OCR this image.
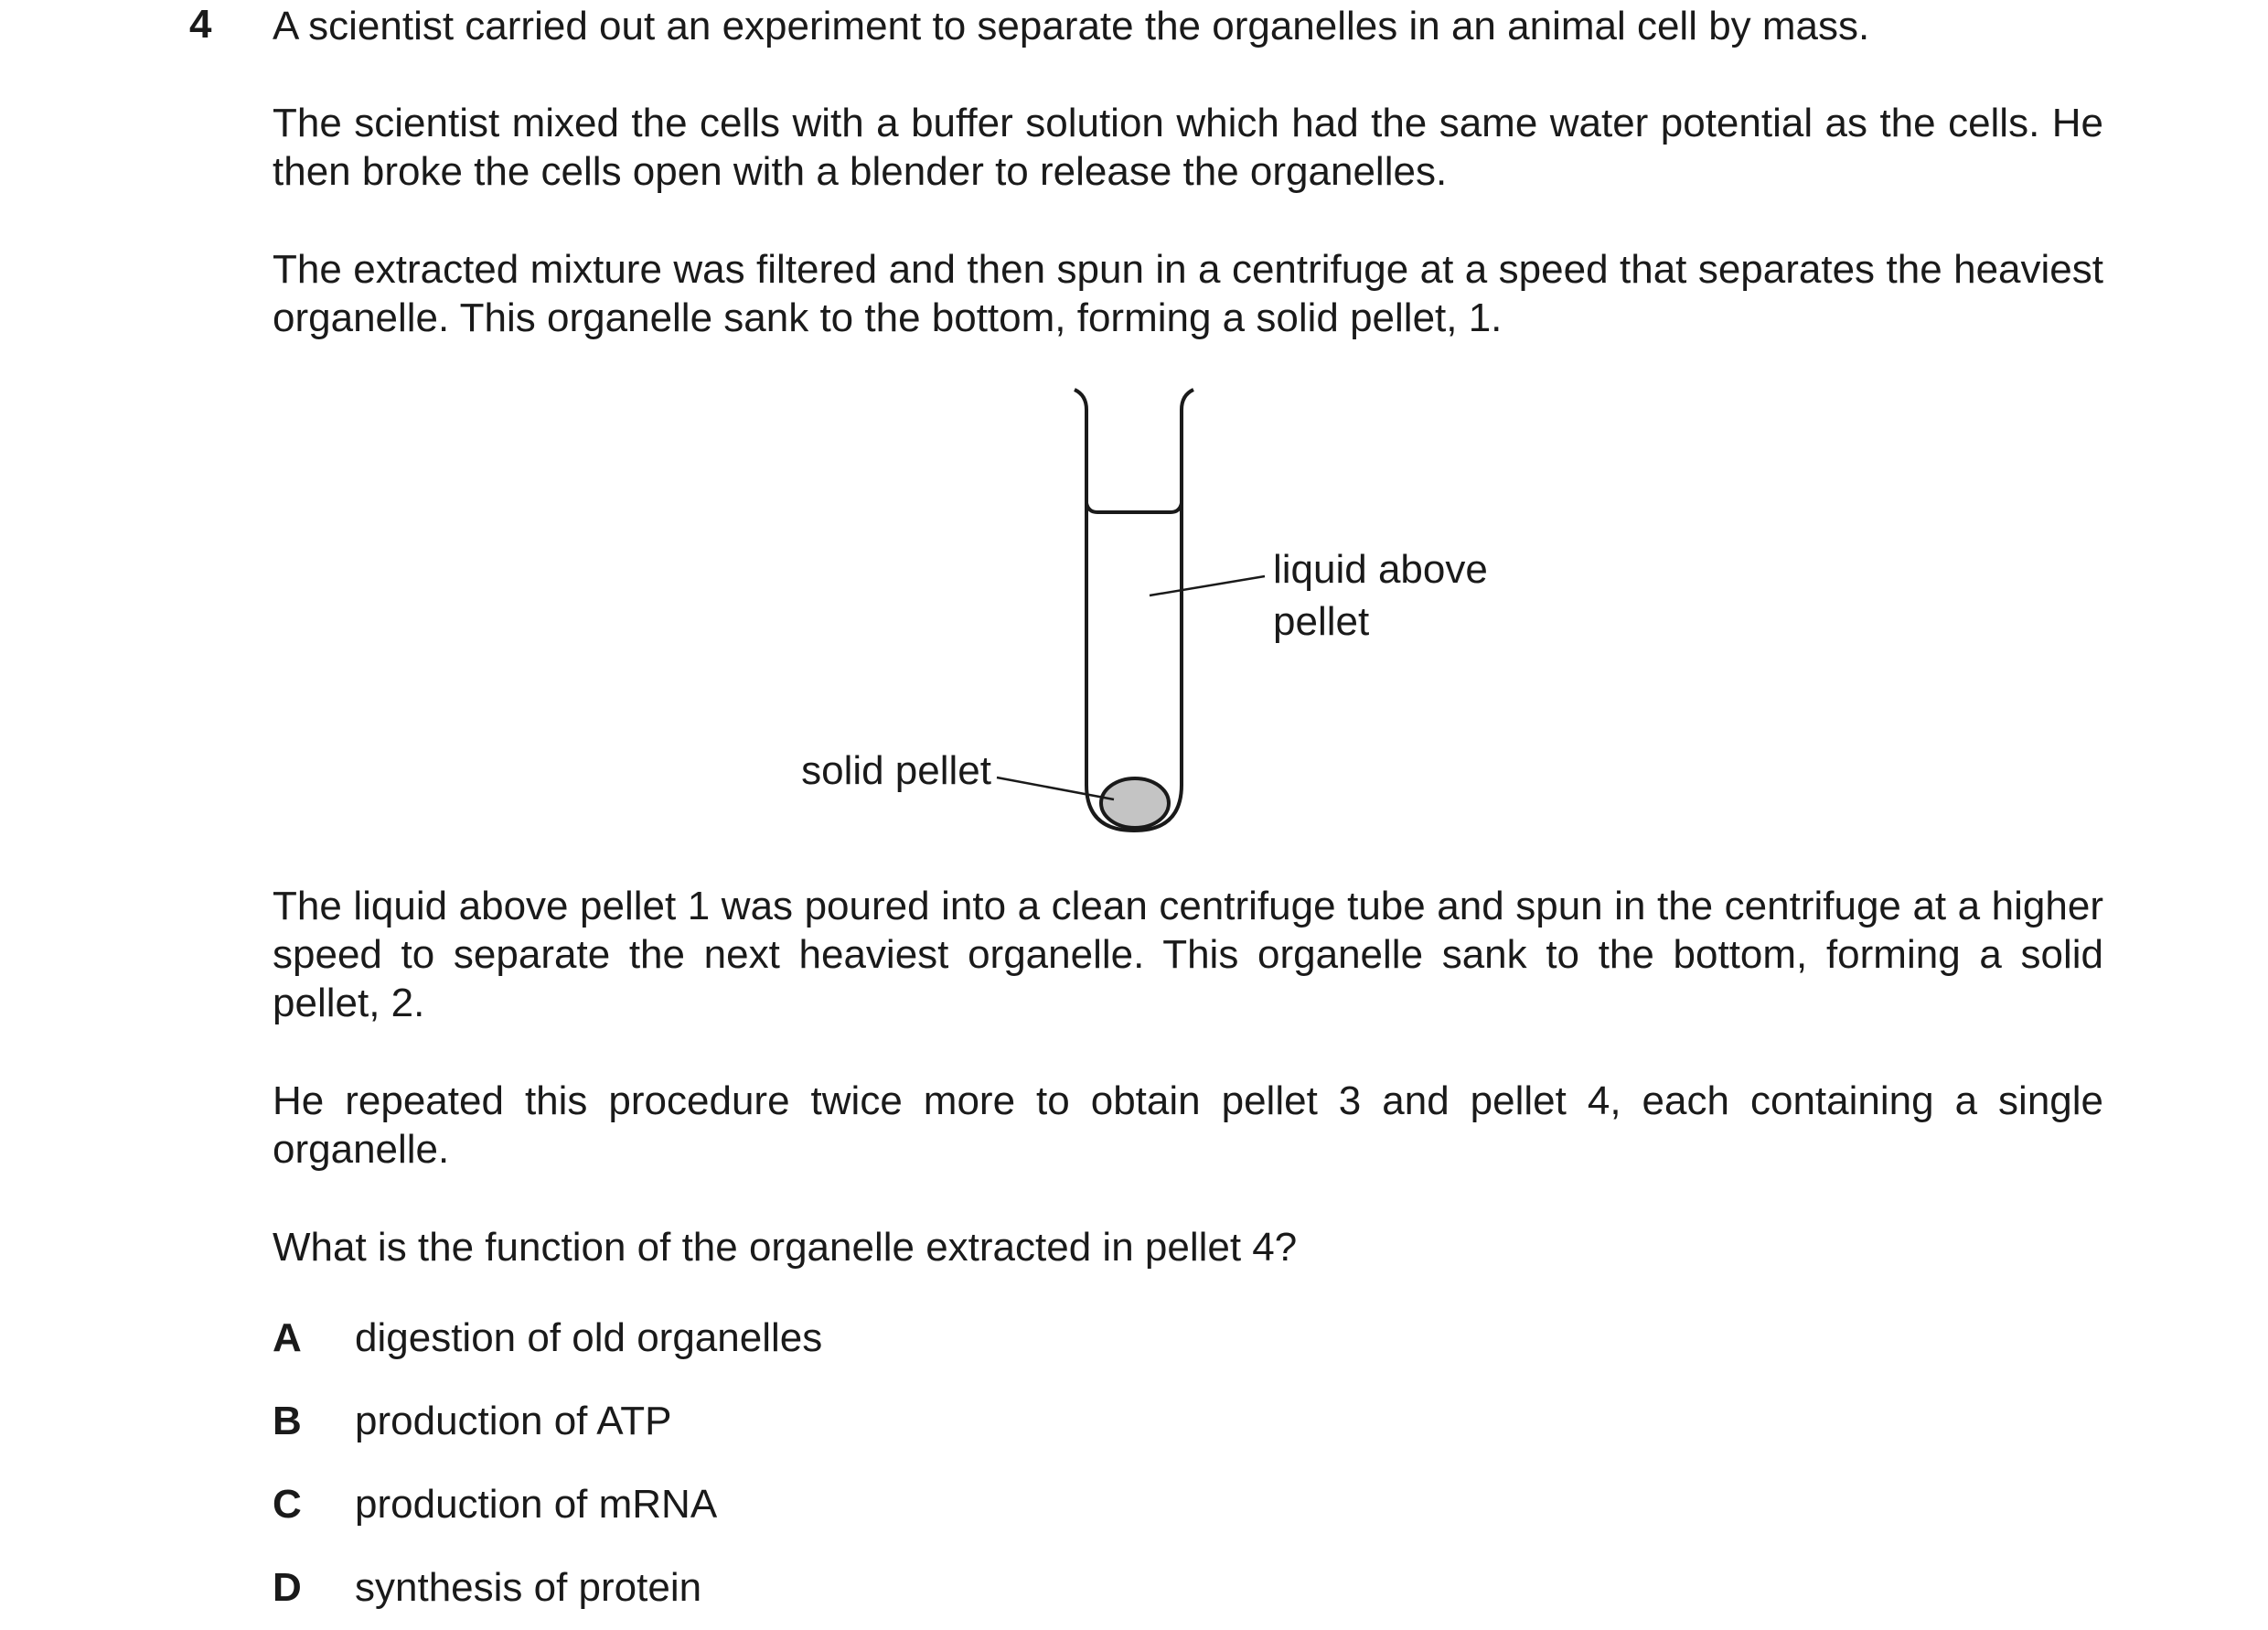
4 A scientist carried out an experiment to separate the organelles in an animal cell by mass.
The scientist mixed the cells with a buffer solution which had the same water potential as the cells. He then broke the cells open with a blender to release the organelles.
The extracted mixture was filtered and then spun in a centrifuge at a speed that separates the heaviest organelle. This organelle sank to the bottom, forming a solid pellet, 1.
liquid above
pellet
solid pellet
The liquid above pellet 1 was poured into a clean centrifuge tube and spun in the centrifuge at a higher speed to separate the next heaviest organelle. This organelle sank to the bottom, forming a solid pellet, 2.
He repeated this procedure twice more to obtain pellet 3 and pellet 4, each containing a single organelle.
What is the function of the organelle extracted in pellet 4?
A digestion of old organelles
B production of ATP
C production of mRNA
D synthesis of protein
